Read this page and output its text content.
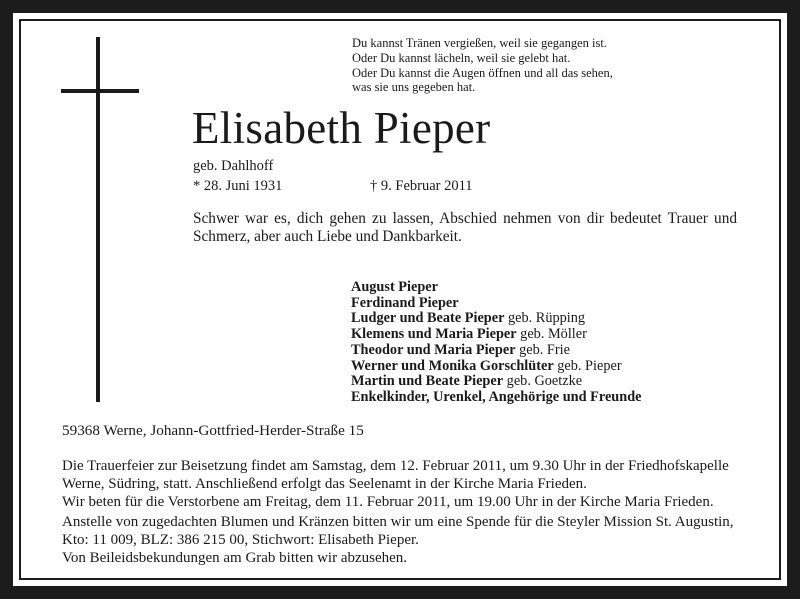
Du kannst Tränen vergießen, weil sie gegangen ist.
Oder Du kannst lächeln, weil sie gelebt hat.
Oder Du kannst die Augen öffnen und all das sehen,
was sie uns gegeben hat.
Elisabeth Pieper
geb. Dahlhoff
* 28. Juni 1931	† 9. Februar 2011
Schwer war es, dich gehen zu lassen, Abschied nehmen von dir bedeutet Trauer und Schmerz, aber auch Liebe und Dankbarkeit.
August Pieper
Ferdinand Pieper
Ludger und Beate Pieper geb. Rüpping
Klemens und Maria Pieper geb. Möller
Theodor und Maria Pieper geb. Frie
Werner und Monika Gorschlüter geb. Pieper
Martin und Beate Pieper geb. Goetzke
Enkelkinder, Urenkel, Angehörige und Freunde
59368 Werne, Johann-Gottfried-Herder-Straße 15
Die Trauerfeier zur Beisetzung findet am Samstag, dem 12. Februar 2011, um 9.30 Uhr in der Friedhofskapelle
Werne, Südring, statt. Anschließend erfolgt das Seelenamt in der Kirche Maria Frieden.
Wir beten für die Verstorbene am Freitag, dem 11. Februar 2011, um 19.00 Uhr in der Kirche Maria Frieden.
Anstelle von zugedachten Blumen und Kränzen bitten wir um eine Spende für die Steyler Mission St. Augustin,
Kto: 11 009, BLZ: 386 215 00, Stichwort: Elisabeth Pieper.
Von Beileidsbekundungen am Grab bitten wir abzusehen.
